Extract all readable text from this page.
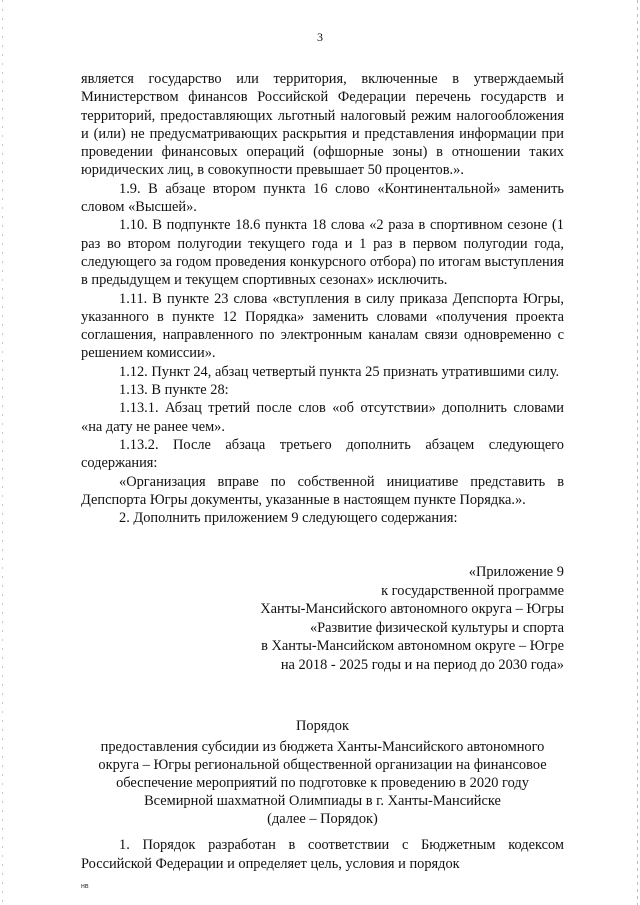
3

является государство или территория, включенные в утверждаемый Министерством финансов Российской Федерации перечень государств и территорий, предоставляющих льготный налоговый режим налогообложения и (или) не предусматривающих раскрытия и представления информации при проведении финансовых операций (офшорные зоны) в отношении таких юридических лиц, в совокупности превышает 50 процентов.».

1.9. В абзаце втором пункта 16 слово «Континентальной» заменить словом «Высшей».

1.10. В подпункте 18.6 пункта 18 слова «2 раза в спортивном сезоне (1 раз во втором полугодии текущего года и 1 раз в первом полугодии года, следующего за годом проведения конкурсного отбора) по итогам выступления в предыдущем и текущем спортивных сезонах» исключить.

1.11. В пункте 23 слова «вступления в силу приказа Депспорта Югры, указанного в пункте 12 Порядка» заменить словами «получения проекта соглашения, направленного по электронным каналам связи одновременно с решением комиссии».

1.12. Пункт 24, абзац четвертый пункта 25 признать утратившими силу.

1.13. В пункте 28:

1.13.1. Абзац третий после слов «об отсутствии» дополнить словами «на дату не ранее чем».

1.13.2. После абзаца третьего дополнить абзацем следующего содержания:

«Организация вправе по собственной инициативе представить в Депспорта Югры документы, указанные в настоящем пункте Порядка.».

2. Дополнить приложением 9 следующего содержания:

«Приложение 9
к государственной программе
Ханты-Мансийского автономного округа – Югры
«Развитие физической культуры и спорта
в Ханты-Мансийском автономном округе – Югре
на 2018 - 2025 годы и на период до 2030 года»
Порядок
предоставления субсидии из бюджета Ханты-Мансийского автономного
округа – Югры региональной общественной организации на финансовое
обеспечение мероприятий по подготовке к проведению в 2020 году
Всемирной шахматной Олимпиады в г. Ханты-Мансийске
(далее – Порядок)

1. Порядок разработан в соответствии с Бюджетным кодексом Российской Федерации и определяет цель, условия и порядок

нв
